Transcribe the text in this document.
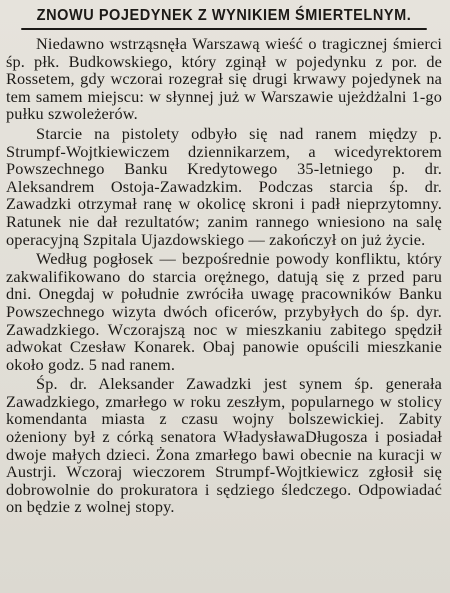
ZNOWU POJEDYNEK Z WYNIKIEM ŚMIERTELNYM.

Niedawno wstrząsnęła Warszawą wieść o tragicznej śmierci śp. płk. Budkowskiego, który zginął w pojedynku z por. de Rossetem, gdy wczorai rozegrał się drugi krwawy pojedynek na tem samem miejscu: w słynnej już w Warszawie ujeżdżalni 1-go pułku szwoleżerów.

Starcie na pistolety odbyło się nad ranem między p. Strumpf-Wojtkiewiczem dziennikarzem, a wicedyrektorem Powszechnego Banku Kredytowego 35-letniego p. dr. Aleksandrem Ostoja-Zawadzkim. Podczas starcia śp. dr. Zawadzki otrzymał ranę w okolicę skroni i padł nieprzytomny. Ratunek nie dał rezultatów; zanim rannego wniesiono na salę operacyjną Szpitala Ujazdowskiego — zakończył on już życie.

Według pogłosek — bezpośrednie powody konfliktu, który zakwalifikowano do starcia orężnego, datują się z przed paru dni. Onegdaj w południe zwróciła uwagę pracowników Banku Powszechnego wizyta dwóch oficerów, przybyłych do śp. dyr. Zawadzkiego. Wczorajszą noc w mieszkaniu zabitego spędził adwokat Czesław Konarek. Obaj panowie opuścili mieszkanie około godz. 5 nad ranem.

Śp. dr. Aleksander Zawadzki jest synem śp. generała Zawadzkiego, zmarłego w roku zeszłym, popularnego w stolicy komendanta miasta z czasu wojny bolszewickiej. Zabity ożeniony był z córką senatora WładysławaDługosza i posiadał dwoje małych dzieci. Żona zmarłego bawi obecnie na kuracji w Austrji. Wczoraj wieczorem Strumpf-Wojtkiewicz zgłosił się dobrowolnie do prokuratora i sędziego śledczego. Odpowiadać on będzie z wolnej stopy.
